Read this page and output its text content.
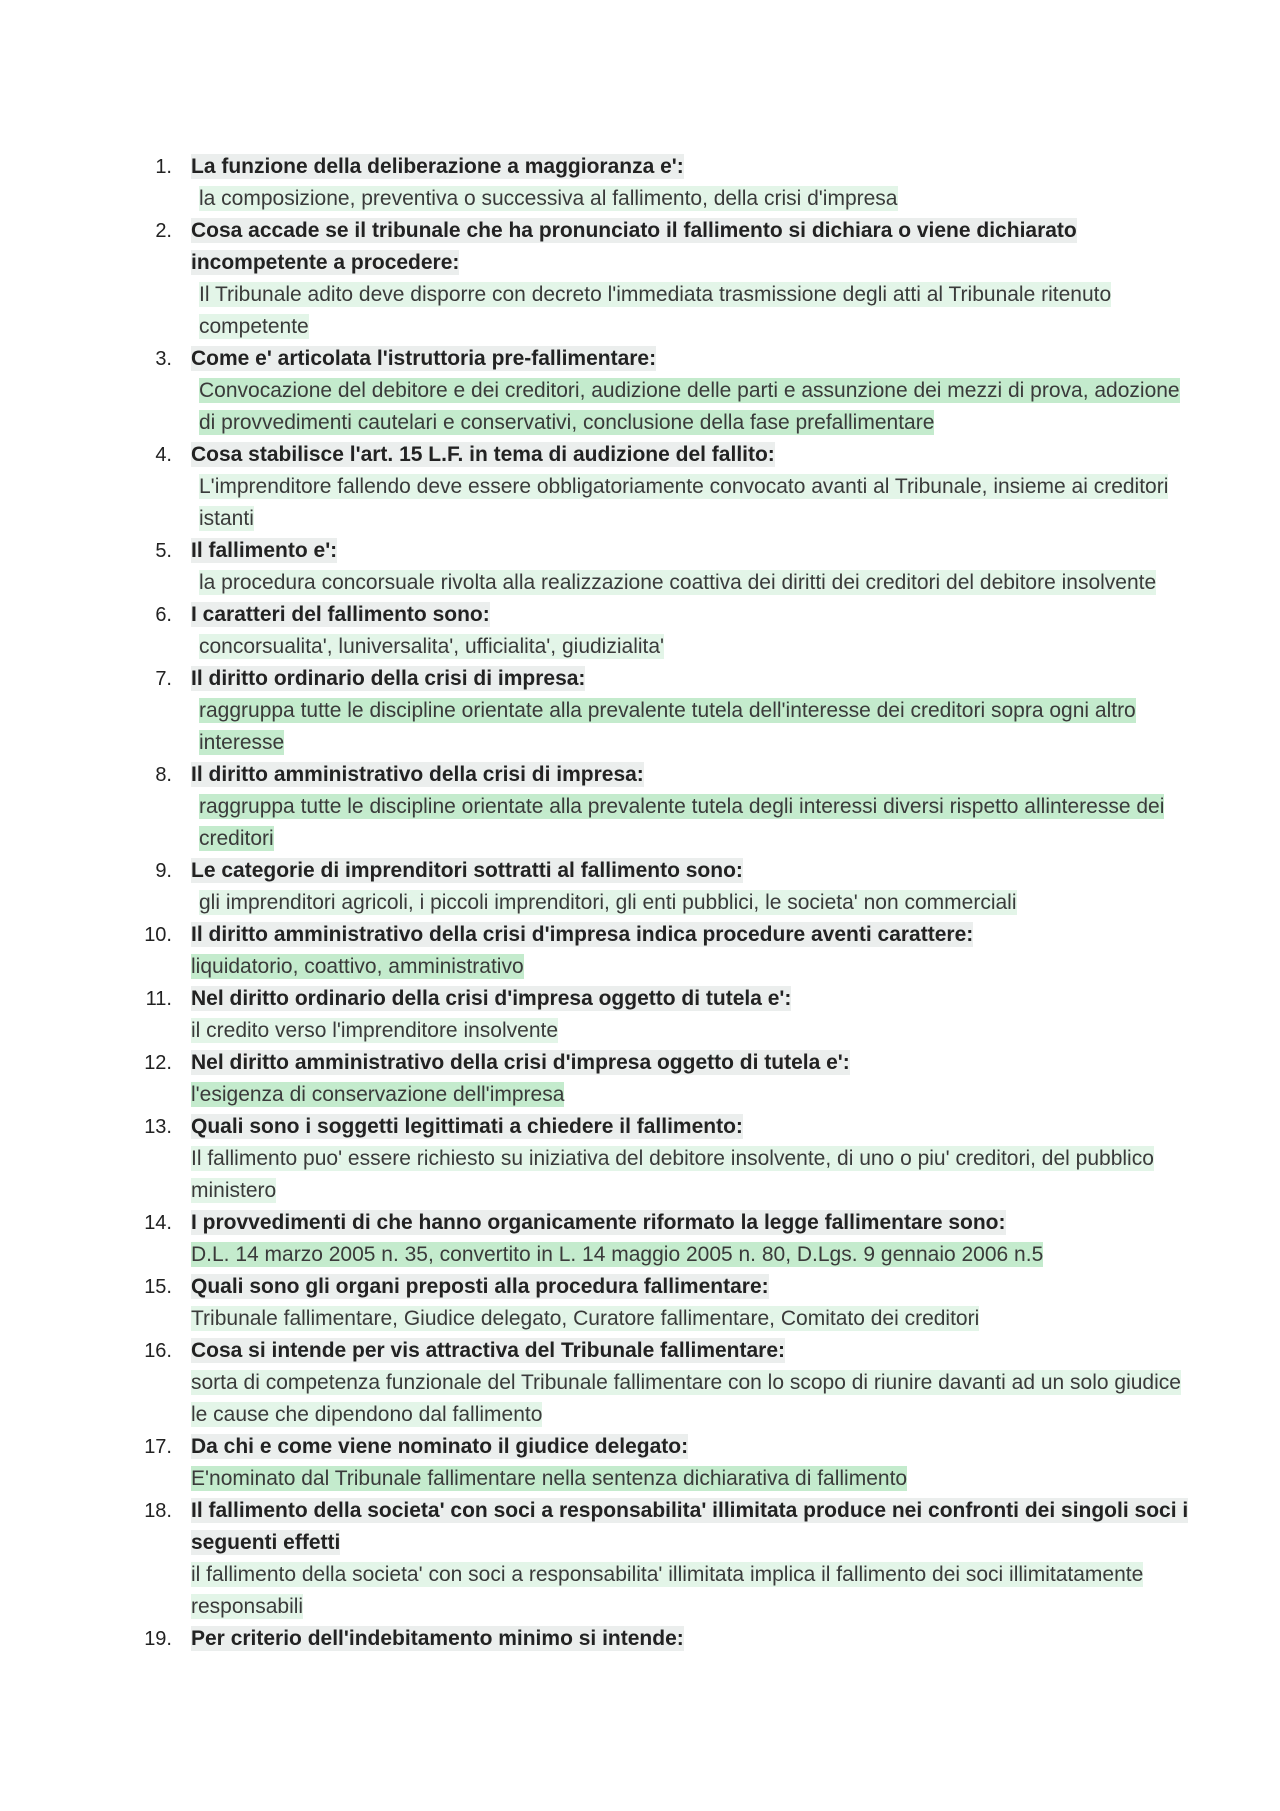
1. La funzione della deliberazione a maggioranza e':

la composizione, preventiva o successiva al fallimento, della crisi d'impresa

2. Cosa accade se il tribunale che ha pronunciato il fallimento si dichiara o viene dichiarato incompetente a procedere:

Il Tribunale adito deve disporre con decreto l'immediata trasmissione degli atti al Tribunale ritenuto competente

3. Come e' articolata l'istruttoria pre-fallimentare:

Convocazione del debitore e dei creditori, audizione delle parti e assunzione dei mezzi di prova, adozione di provvedimenti cautelari e conservativi, conclusione della fase prefallimentare

4. Cosa stabilisce l'art. 15 L.F. in tema di audizione del fallito:

L'imprenditore fallendo deve essere obbligatoriamente convocato avanti al Tribunale, insieme ai creditori istanti

5. Il fallimento e':

la procedura concorsuale rivolta alla realizzazione coattiva dei diritti dei creditori del debitore insolvente

6. I caratteri del fallimento sono:

concorsualita', luniversalita', ufficialita', giudizialita'

7. Il diritto ordinario della crisi di impresa:

raggruppa tutte le discipline orientate alla prevalente tutela dell'interesse dei creditori sopra ogni altro interesse

8. Il diritto amministrativo della crisi di impresa:

raggruppa tutte le discipline orientate alla prevalente tutela degli interessi diversi rispetto allinteresse dei creditori

9. Le categorie di imprenditori sottratti al fallimento sono:

gli imprenditori agricoli, i piccoli imprenditori, gli enti pubblici, le societa' non commerciali

10. Il diritto amministrativo della crisi d'impresa indica procedure aventi carattere:

liquidatorio, coattivo, amministrativo

11. Nel diritto ordinario della crisi d'impresa oggetto di tutela e':

il credito verso l'imprenditore insolvente

12. Nel diritto amministrativo della crisi d'impresa oggetto di tutela e':

l'esigenza di conservazione dell'impresa

13. Quali sono i soggetti legittimati a chiedere il fallimento:

Il fallimento puo' essere richiesto su iniziativa del debitore insolvente, di uno o piu' creditori, del pubblico ministero

14. I provvedimenti di che hanno organicamente riformato la legge fallimentare sono:

D.L. 14 marzo 2005 n. 35, convertito in L. 14 maggio 2005 n. 80, D.Lgs. 9 gennaio 2006 n.5

15. Quali sono gli organi preposti alla procedura fallimentare:

Tribunale fallimentare, Giudice delegato, Curatore fallimentare, Comitato dei creditori

16. Cosa si intende per vis attractiva del Tribunale fallimentare:

sorta di competenza funzionale del Tribunale fallimentare con lo scopo di riunire davanti ad un solo giudice le cause che dipendono dal fallimento

17. Da chi e come viene nominato il giudice delegato:

E'nominato dal Tribunale fallimentare nella sentenza dichiarativa di fallimento

18. Il fallimento della societa' con soci a responsabilita' illimitata produce nei confronti dei singoli soci i seguenti effetti

il fallimento della societa' con soci a responsabilita' illimitata implica il fallimento dei soci illimitatamente responsabili

19. Per criterio dell'indebitamento minimo si intende:
